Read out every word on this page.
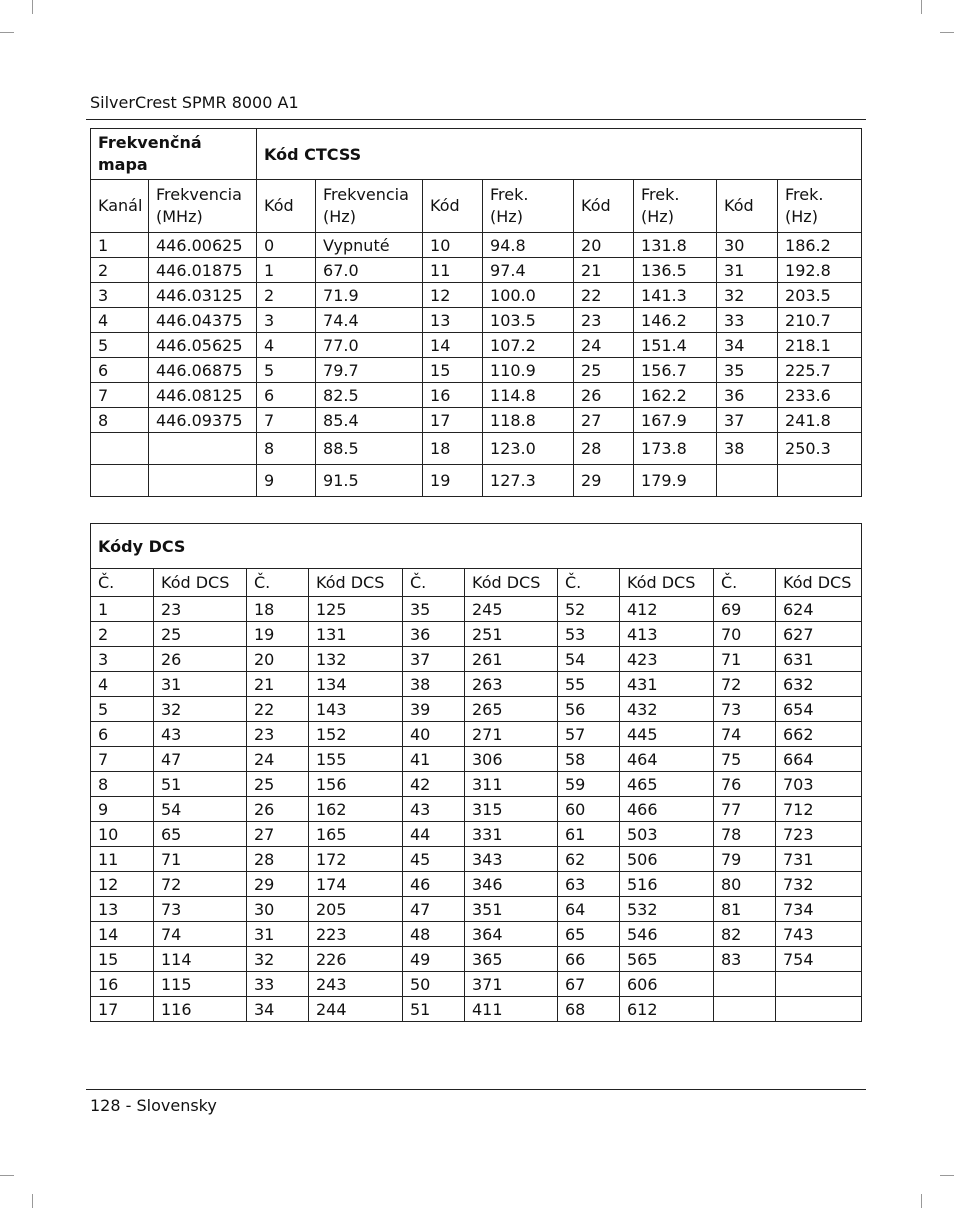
SilverCrest SPMR 8000 A1
Frekvenčná mapa		Kód CTCSS							
Kanál	Frekvencia (MHz)	Kód	Frekvencia (Hz)	Kód	Frek. (Hz)	Kód	Frek. (Hz)	Kód	Frek. (Hz)
1	446.00625	0	Vypnuté	10	94.8	20	131.8	30	186.2
2	446.01875	1	67.0	11	97.4	21	136.5	31	192.8
3	446.03125	2	71.9	12	100.0	22	141.3	32	203.5
4	446.04375	3	74.4	13	103.5	23	146.2	33	210.7
5	446.05625	4	77.0	14	107.2	24	151.4	34	218.1
6	446.06875	5	79.7	15	110.9	25	156.7	35	225.7
7	446.08125	6	82.5	16	114.8	26	162.2	36	233.6
8	446.09375	7	85.4	17	118.8	27	167.9	37	241.8
		8	88.5	18	123.0	28	173.8	38	250.3
		9	91.5	19	127.3	29	179.9		
Kódy DCS									
Č.	Kód DCS	Č.	Kód DCS	Č.	Kód DCS	Č.	Kód DCS	Č.	Kód DCS
1	23	18	125	35	245	52	412	69	624
2	25	19	131	36	251	53	413	70	627
3	26	20	132	37	261	54	423	71	631
4	31	21	134	38	263	55	431	72	632
5	32	22	143	39	265	56	432	73	654
6	43	23	152	40	271	57	445	74	662
7	47	24	155	41	306	58	464	75	664
8	51	25	156	42	311	59	465	76	703
9	54	26	162	43	315	60	466	77	712
10	65	27	165	44	331	61	503	78	723
11	71	28	172	45	343	62	506	79	731
12	72	29	174	46	346	63	516	80	732
13	73	30	205	47	351	64	532	81	734
14	74	31	223	48	364	65	546	82	743
15	114	32	226	49	365	66	565	83	754
16	115	33	243	50	371	67	606		
17	116	34	244	51	411	68	612		
128 - Slovensky
